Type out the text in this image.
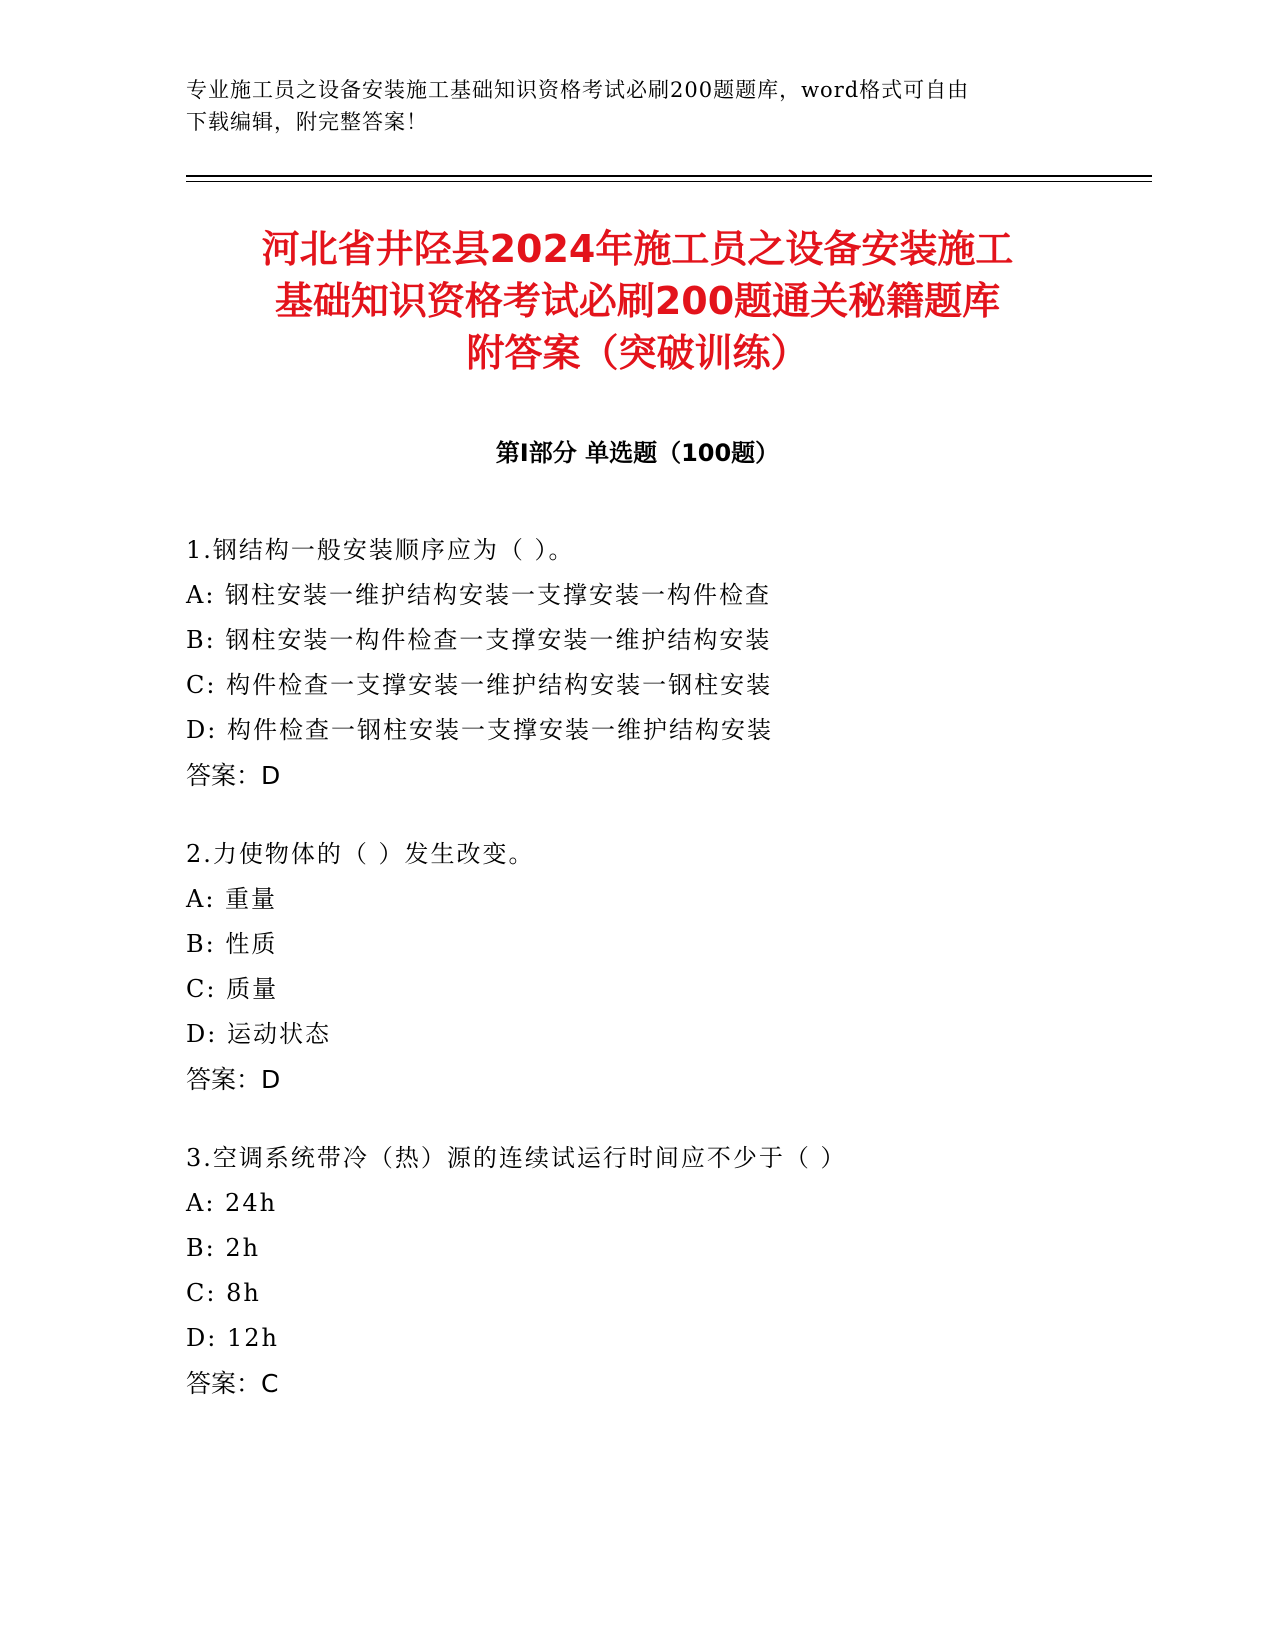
专业施工员之设备安装施工基础知识资格考试必刷200题题库，word格式可自由
下载编辑，附完整答案！
河北省井陉县2024年施工员之设备安装施工
基础知识资格考试必刷200题通关秘籍题库
附答案（突破训练）
第Ⅰ部分 单选题（100题）
1.钢结构一般安装顺序应为（ ）。
A: 钢柱安装一维护结构安装一支撑安装一构件检查
B: 钢柱安装一构件检查一支撑安装一维护结构安装
C: 构件检查一支撑安装一维护结构安装一钢柱安装
D: 构件检查一钢柱安装一支撑安装一维护结构安装
答案：D
2.力使物体的（ ）发生改变。
A: 重量
B: 性质
C: 质量
D: 运动状态
答案：D
3.空调系统带冷（热）源的连续试运行时间应不少于（ ）
A: 24h
B: 2h
C: 8h
D: 12h
答案：C
